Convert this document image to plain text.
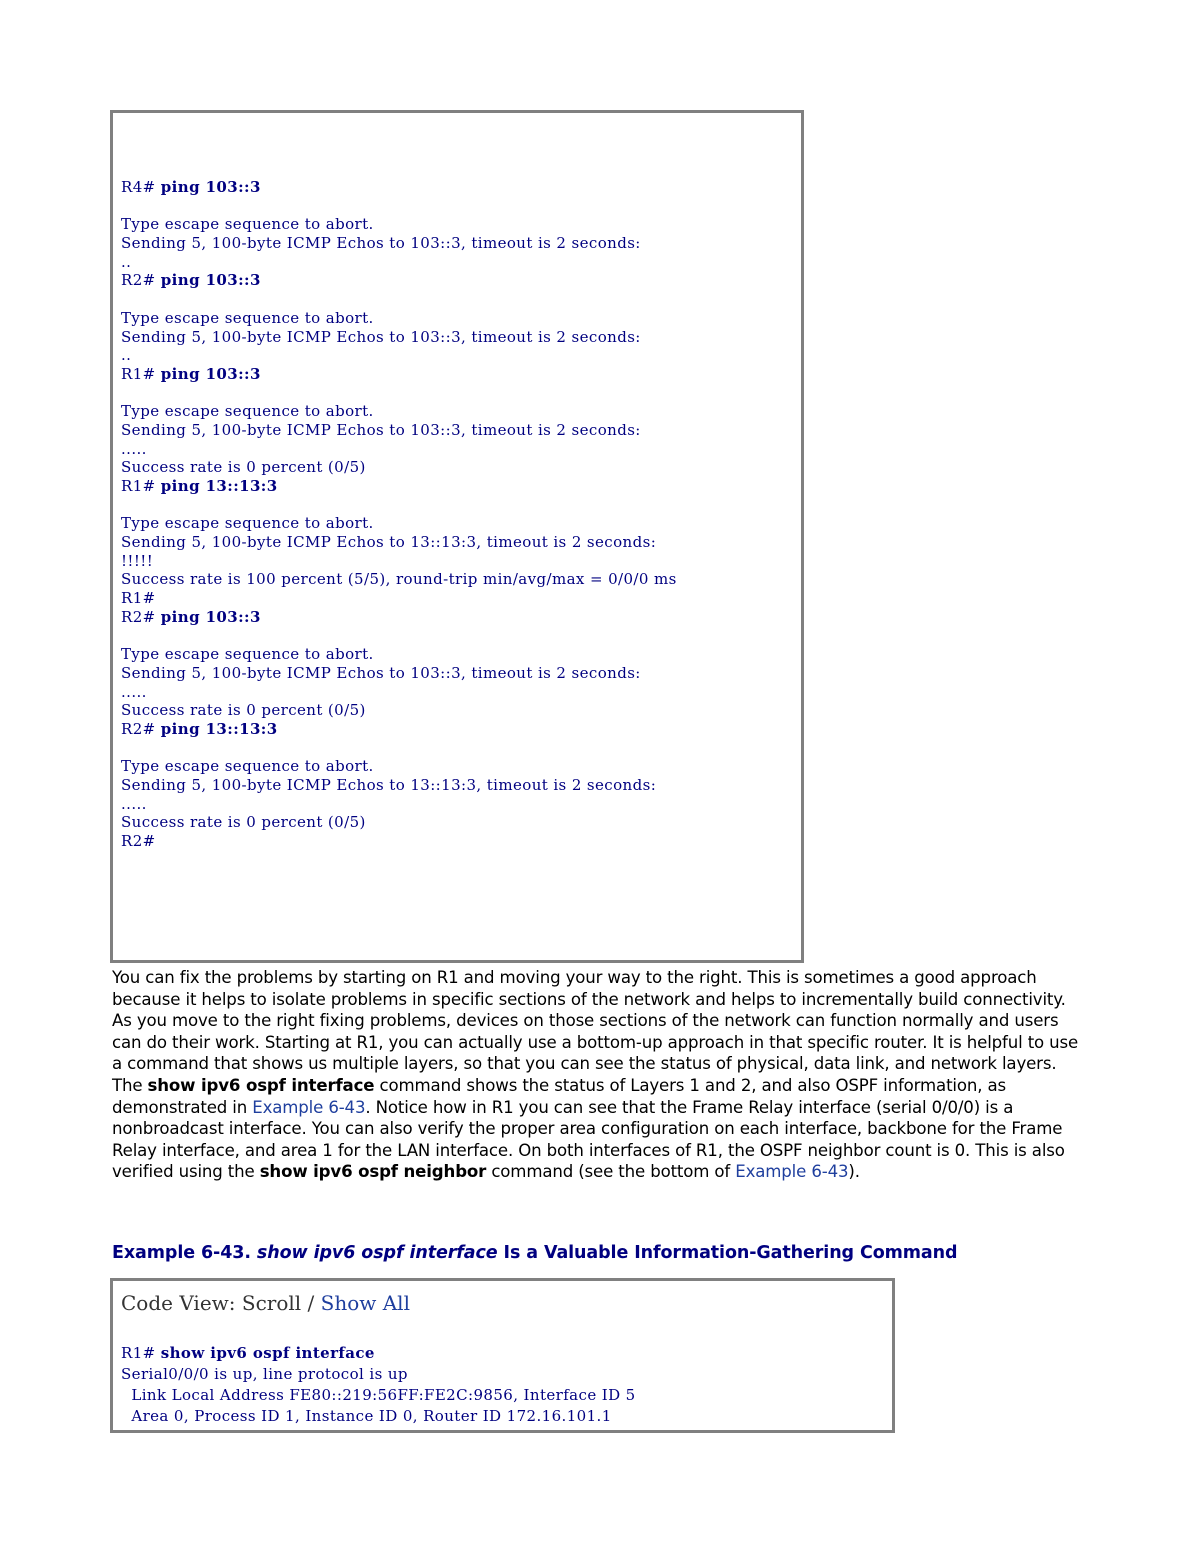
R4# ping 103::3
Type escape sequence to abort.
Sending 5, 100-byte ICMP Echos to 103::3, timeout is 2 seconds:
..
R2# ping 103::3
Type escape sequence to abort.
Sending 5, 100-byte ICMP Echos to 103::3, timeout is 2 seconds:
..
R1# ping 103::3
Type escape sequence to abort.
Sending 5, 100-byte ICMP Echos to 103::3, timeout is 2 seconds:
.....
Success rate is 0 percent (0/5)
R1# ping 13::13:3
Type escape sequence to abort.
Sending 5, 100-byte ICMP Echos to 13::13:3, timeout is 2 seconds:
!!!!!
Success rate is 100 percent (5/5), round-trip min/avg/max = 0/0/0 ms
R1#
R2# ping 103::3
Type escape sequence to abort.
Sending 5, 100-byte ICMP Echos to 103::3, timeout is 2 seconds:
.....
Success rate is 0 percent (0/5)
R2# ping 13::13:3
Type escape sequence to abort.
Sending 5, 100-byte ICMP Echos to 13::13:3, timeout is 2 seconds:
.....
Success rate is 0 percent (0/5)
R2#

You can fix the problems by starting on R1 and moving your way to the right. This is sometimes a good approach because it helps to isolate problems in specific sections of the network and helps to incrementally build connectivity. As you move to the right fixing problems, devices on those sections of the network can function normally and users can do their work. Starting at R1, you can actually use a bottom-up approach in that specific router. It is helpful to use a command that shows us multiple layers, so that you can see the status of physical, data link, and network layers. The show ipv6 ospf interface command shows the status of Layers 1 and 2, and also OSPF information, as demonstrated in Example 6-43. Notice how in R1 you can see that the Frame Relay interface (serial 0/0/0) is a nonbroadcast interface. You can also verify the proper area configuration on each interface, backbone for the Frame Relay interface, and area 1 for the LAN interface. On both interfaces of R1, the OSPF neighbor count is 0. This is also verified using the show ipv6 ospf neighbor command (see the bottom of Example 6-43).

Example 6-43. show ipv6 ospf interface Is a Valuable Information-Gathering Command

Code View: Scroll / Show All
R1# show ipv6 ospf interface
Serial0/0/0 is up, line protocol is up
Link Local Address FE80::219:56FF:FE2C:9856, Interface ID 5
Area 0, Process ID 1, Instance ID 0, Router ID 172.16.101.1
